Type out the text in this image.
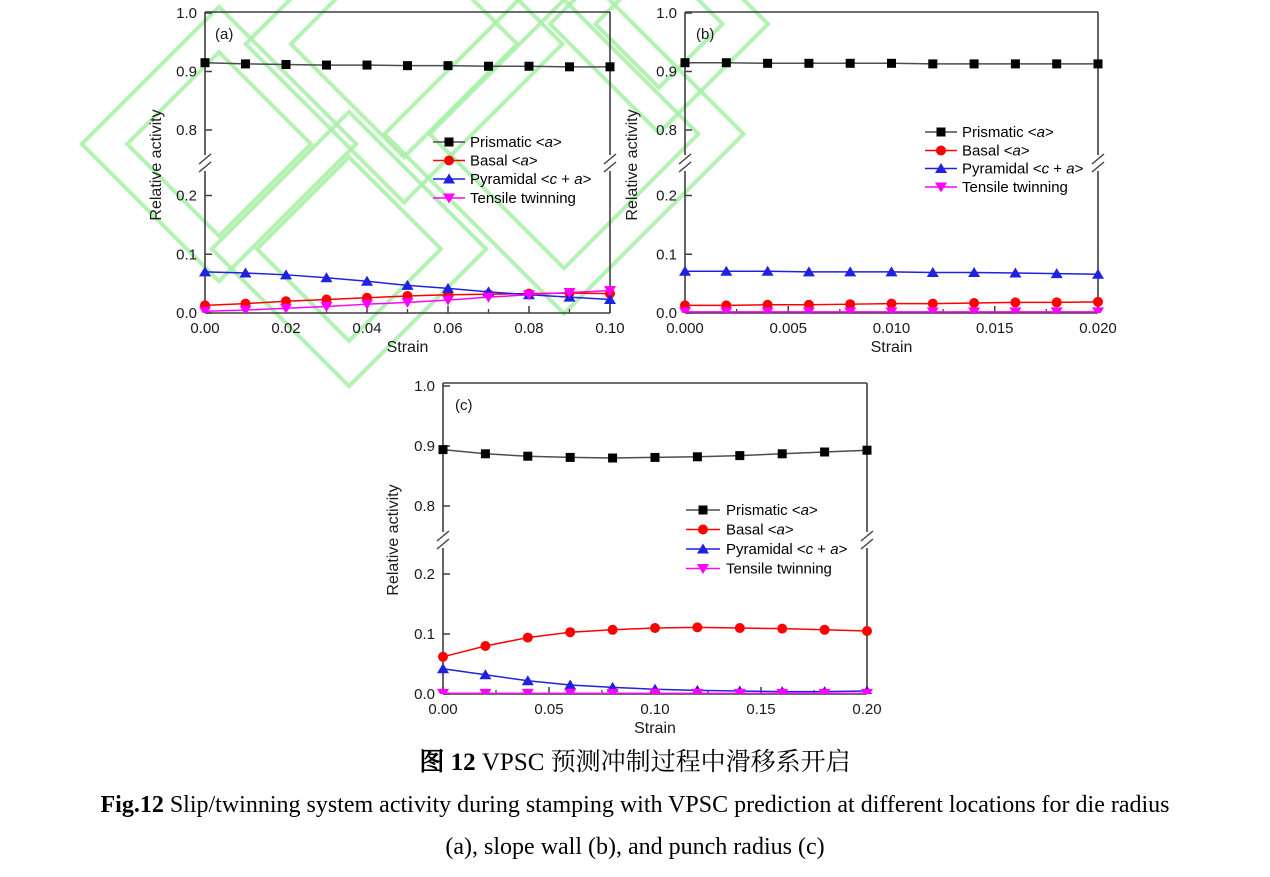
0.0
0.1
0.2
0.8
0.9
1.0
0.00	0.02	0.04	0.06	0.08	0.10
Strain
Relative activity
(a)
Prismatic <a>
Basal <a>
Pyramidal <c + a>
Tensile twinning
0.0
0.1
0.2
0.8
0.9
1.0
0.000	0.005	0.010	0.015	0.020
Strain
Relative activity
(b)
Prismatic <a>
Basal <a>
Pyramidal <c + a>
Tensile twinning
0.0
0.1
0.2
0.8
0.9
1.0
0.00	0.05	0.10	0.15	0.20
Strain
Relative activity
(c)
Prismatic <a>
Basal <a>
Pyramidal <c + a>
Tensile twinning
图 12 VPSC 预测冲制过程中滑移系开启
Fig.12 Slip/twinning system activity during stamping with VPSC prediction at different locations for die radius
(a), slope wall (b), and punch radius (c)
